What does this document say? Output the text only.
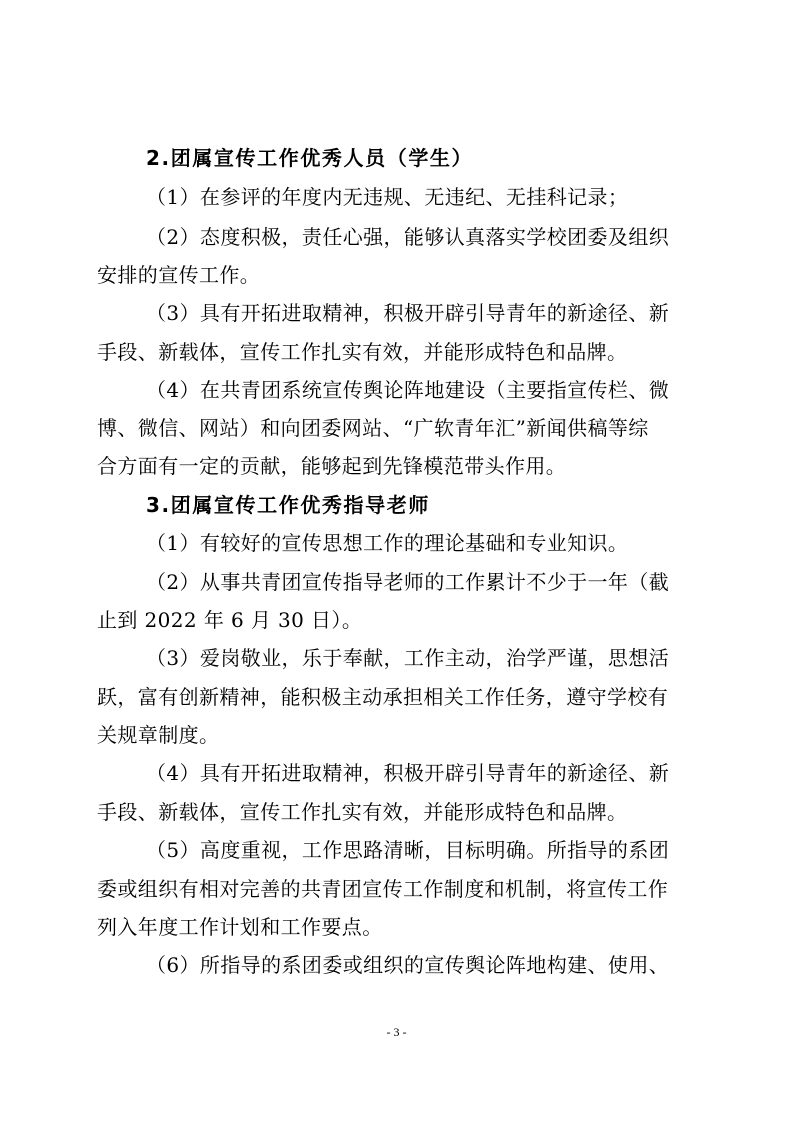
2.团属宣传工作优秀人员（学生）
（1）在参评的年度内无违规、无违纪、无挂科记录；
（2）态度积极，责任心强，能够认真落实学校团委及组织
安排的宣传工作。
（3）具有开拓进取精神，积极开辟引导青年的新途径、新
手段、新载体，宣传工作扎实有效，并能形成特色和品牌。
（4）在共青团系统宣传舆论阵地建设（主要指宣传栏、微
博、微信、网站）和向团委网站、“广软青年汇”新闻供稿等综
合方面有一定的贡献，能够起到先锋模范带头作用。
3.团属宣传工作优秀指导老师
（1）有较好的宣传思想工作的理论基础和专业知识。
（2）从事共青团宣传指导老师的工作累计不少于一年（截
止到 2022 年 6 月 30 日）。
（3）爱岗敬业，乐于奉献，工作主动，治学严谨，思想活
跃，富有创新精神，能积极主动承担相关工作任务，遵守学校有
关规章制度。
（4）具有开拓进取精神，积极开辟引导青年的新途径、新
手段、新载体，宣传工作扎实有效，并能形成特色和品牌。
（5）高度重视，工作思路清晰，目标明确。所指导的系团
委或组织有相对完善的共青团宣传工作制度和机制，将宣传工作
列入年度工作计划和工作要点。
（6）所指导的系团委或组织的宣传舆论阵地构建、使用、
- 3 -
